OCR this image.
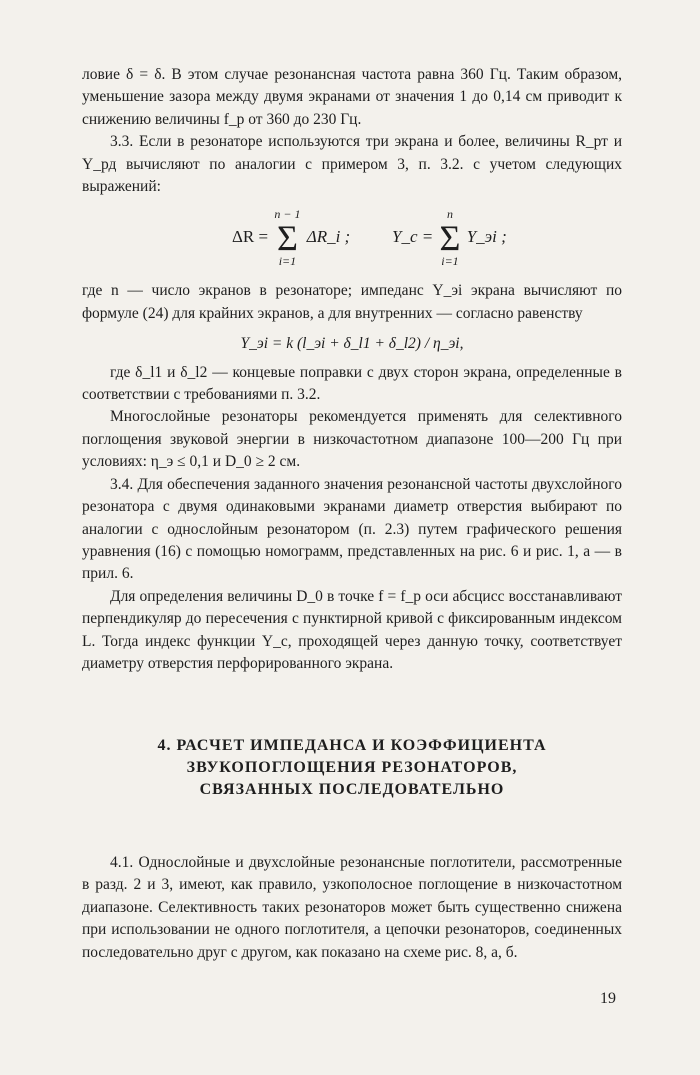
ловие δ = δ. В этом случае резонансная частота равна 360 Гц. Таким образом, уменьшение зазора между двумя экранами от значения 1 до 0,14 см приводит к снижению величины f_р от 360 до 230 Гц.

3.3. Если в резонаторе используются три экрана и более, величины R_рт и Y_рд вычисляют по аналогии с примером 3, п. 3.2. с учетом следующих выражений:

ΔR =
n − 1
Σ
i=1
ΔR_i ; Y_с =
n
Σ
i=1
Y_эi ;

где n — число экранов в резонаторе; импеданс Y_эi экрана вычисляют по формуле (24) для крайних экранов, а для внутренних — согласно равенству

Y_эi = k (l_эi + δ_l1 + δ_l2) / η_эi,

где δ_l1 и δ_l2 — концевые поправки с двух сторон экрана, определенные в соответствии с требованиями п. 3.2.

Многослойные резонаторы рекомендуется применять для селективного поглощения звуковой энергии в низкочастотном диапазоне 100—200 Гц при условиях: η_э ≤ 0,1 и D_0 ≥ 2 см.

3.4. Для обеспечения заданного значения резонансной частоты двухслойного резонатора с двумя одинаковыми экранами диаметр отверстия выбирают по аналогии с однослойным резонатором (п. 2.3) путем графического решения уравнения (16) с помощью номограмм, представленных на рис. 6 и рис. 1, а — в прил. 6.

Для определения величины D_0 в точке f = f_р оси абсцисс восстанавливают перпендикуляр до пересечения с пунктирной кривой с фиксированным индексом L. Тогда индекс функции Y_с, проходящей через данную точку, соответствует диаметру отверстия перфорированного экрана.

4. РАСЧЕТ ИМПЕДАНСА И КОЭФФИЦИЕНТА
ЗВУКОПОГЛОЩЕНИЯ РЕЗОНАТОРОВ,
СВЯЗАННЫХ ПОСЛЕДОВАТЕЛЬНО

4.1. Однослойные и двухслойные резонансные поглотители, рассмотренные в разд. 2 и 3, имеют, как правило, узкополосное поглощение в низкочастотном диапазоне. Селективность таких резонаторов может быть существенно снижена при использовании не одного поглотителя, а цепочки резонаторов, соединенных последовательно друг с другом, как показано на схеме рис. 8, а, б.

19
